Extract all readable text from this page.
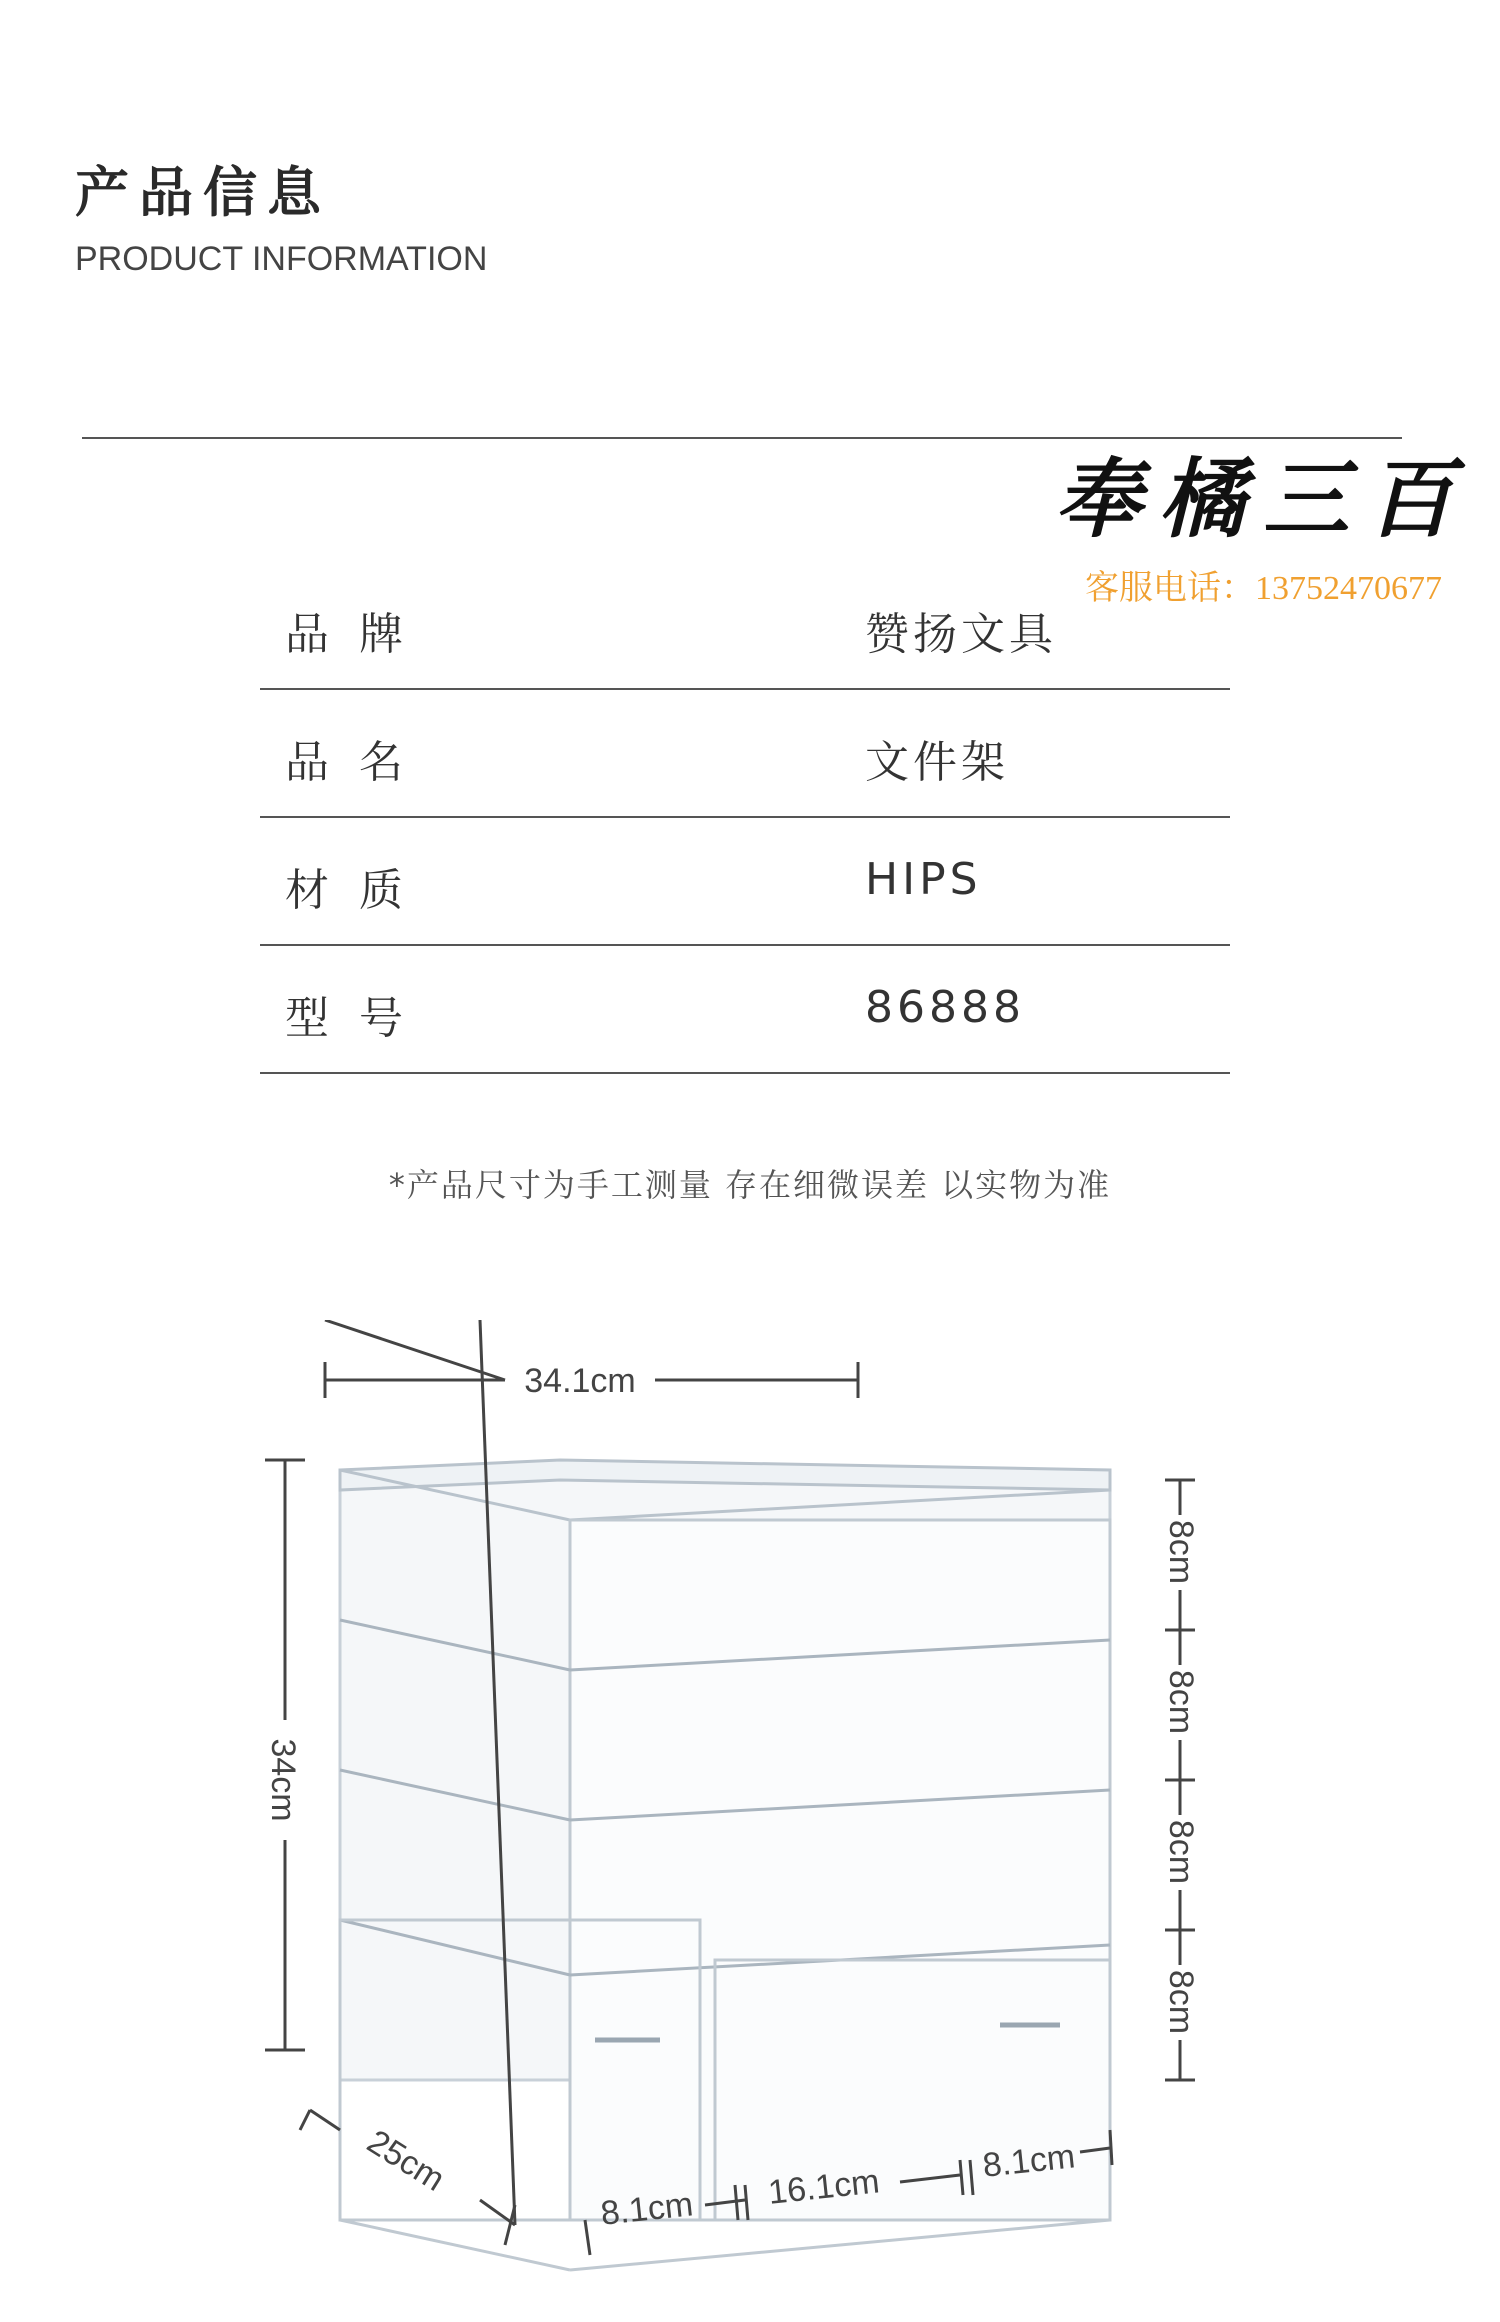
产品信息
PRODUCT INFORMATION
奉橘三百
客服电话：13752470677
品牌	赞扬文具
品名	文件架
材质	HIPS
型号	86888
*产品尺寸为手工测量 存在细微误差 以实物为准
34.1cm
34cm
8cm
8cm
8cm
8cm
25cm
8.1cm 16.1cm
8.1cm
